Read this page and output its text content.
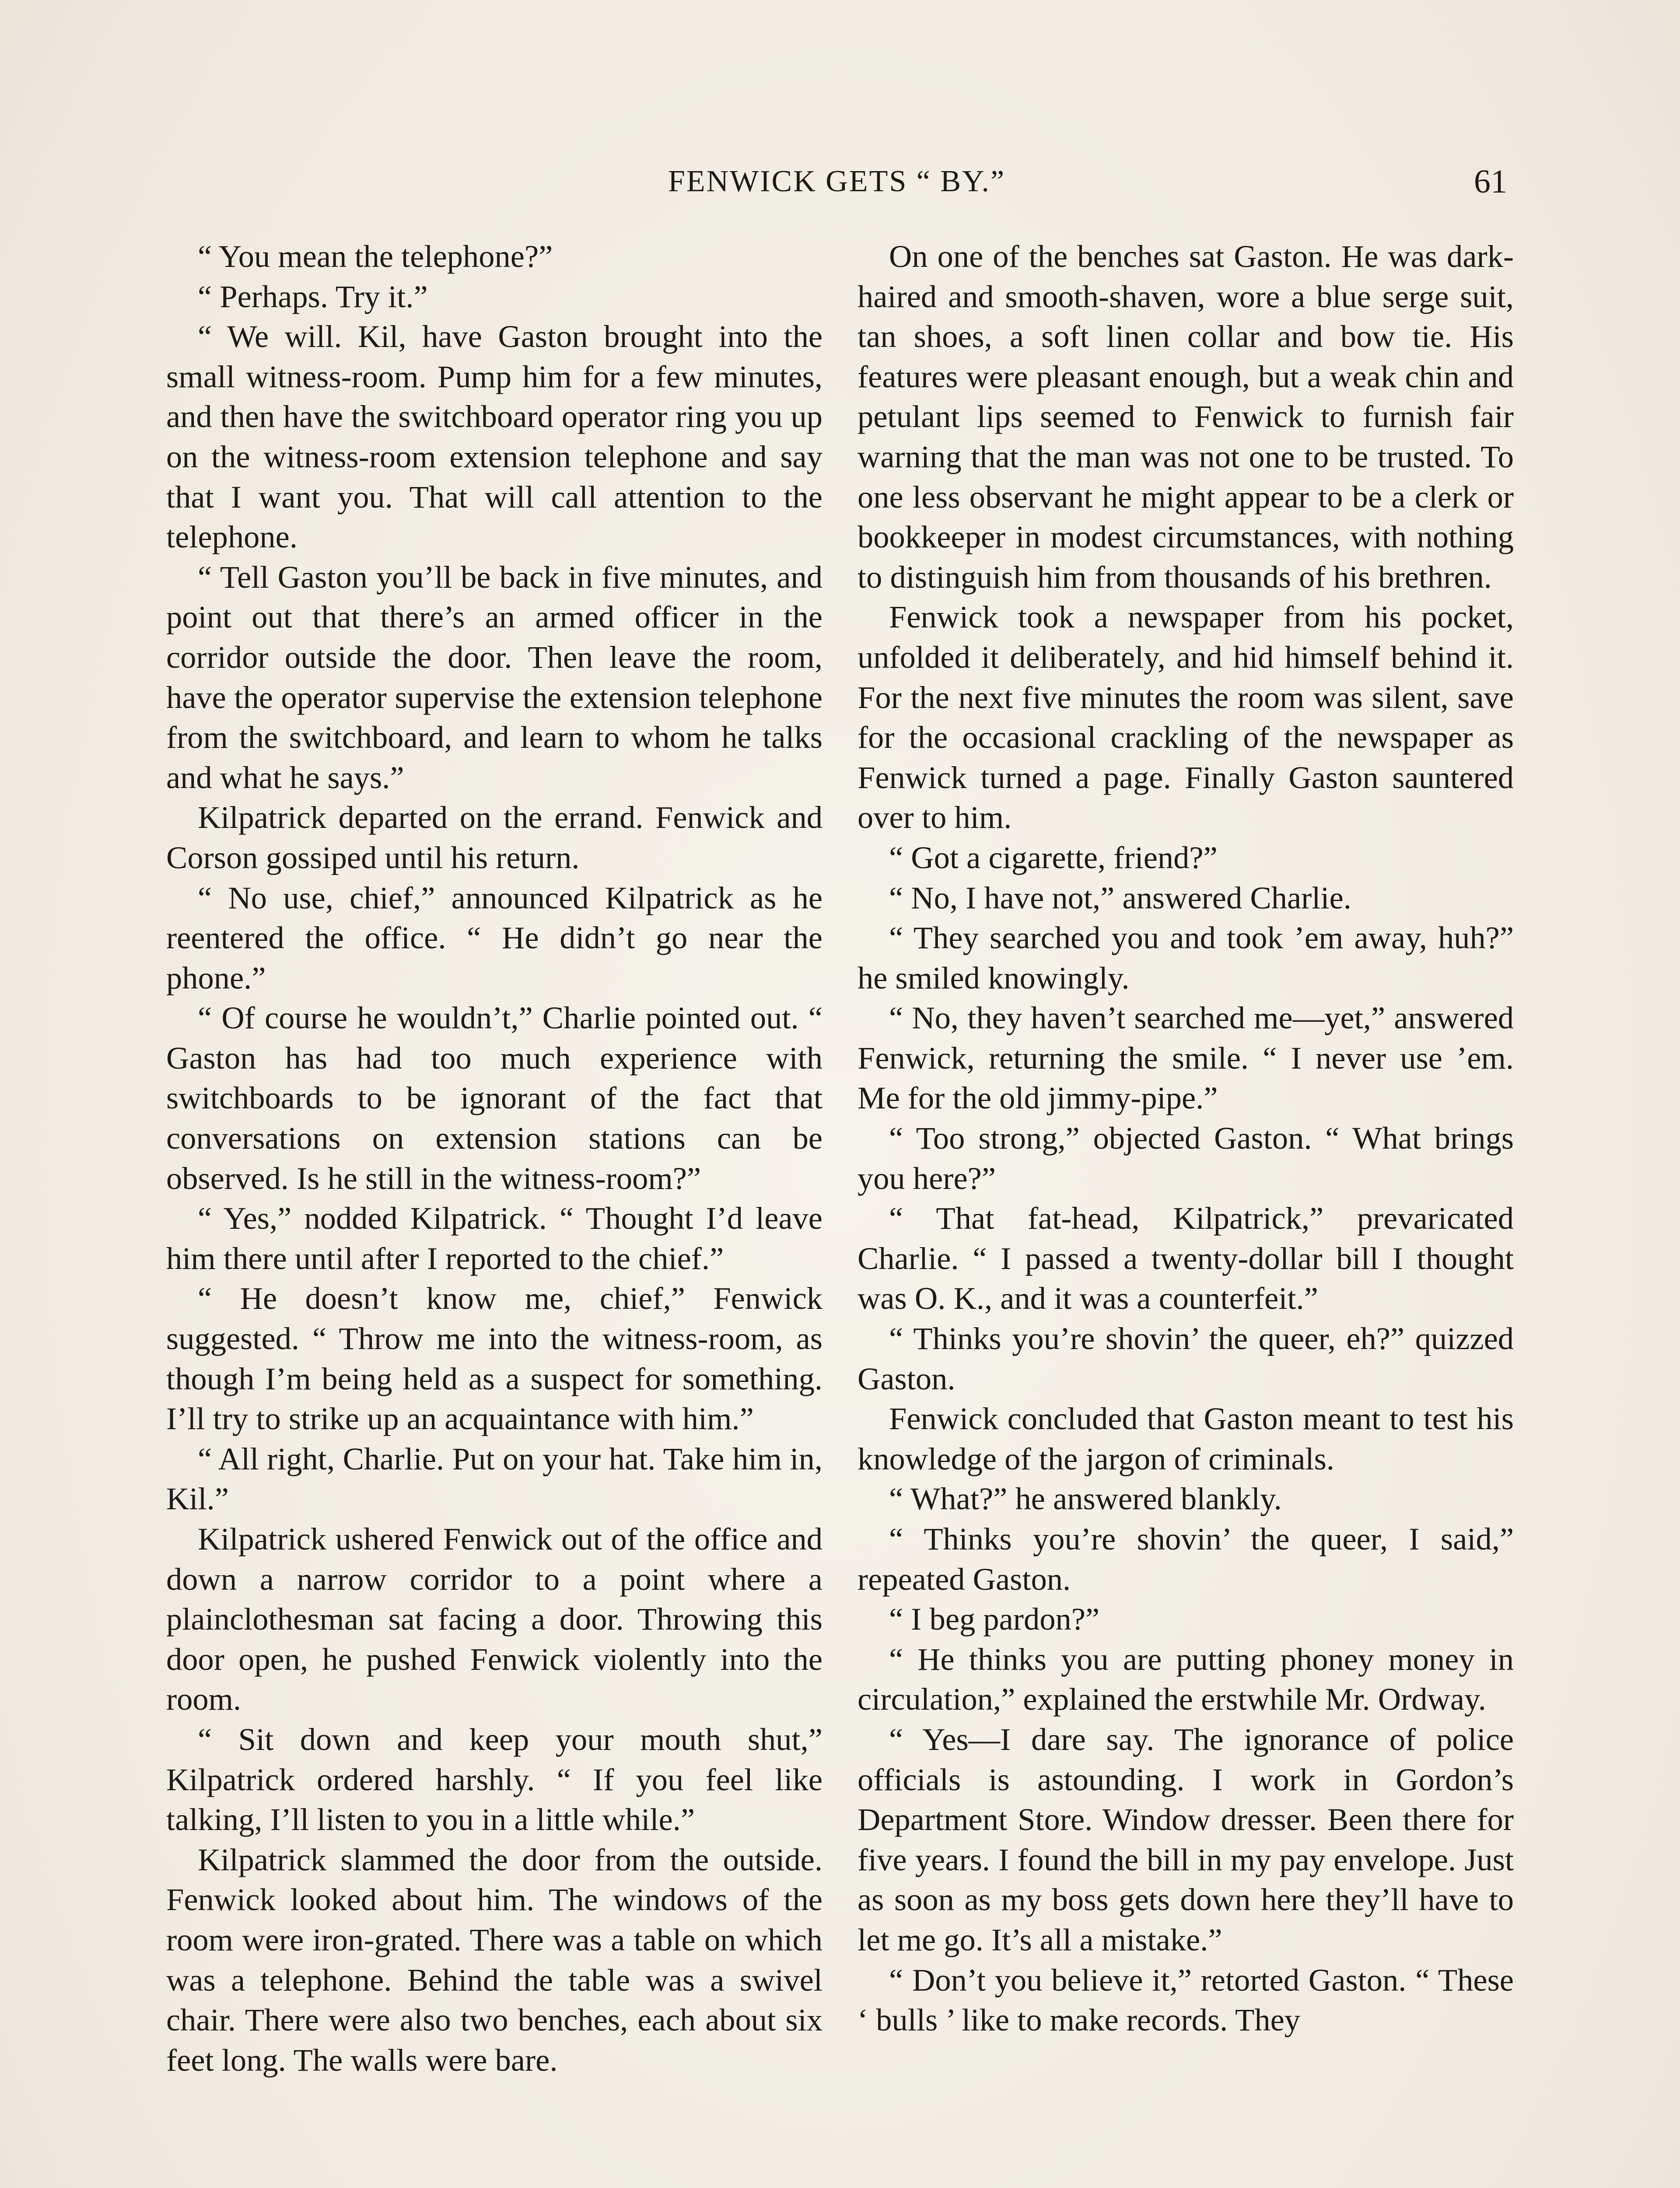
FENWICK GETS “ BY.”	61

“ You mean the telephone?”

“ Perhaps. Try it.”

“ We will. Kil, have Gaston brought into the small witness-room. Pump him for a few minutes, and then have the switchboard operator ring you up on the witness-room extension telephone and say that I want you. That will call attention to the telephone.

“ Tell Gaston you’ll be back in five minutes, and point out that there’s an armed officer in the corridor outside the door. Then leave the room, have the operator supervise the extension telephone from the switchboard, and learn to whom he talks and what he says.”

Kilpatrick departed on the errand. Fenwick and Corson gossiped until his return.

“ No use, chief,” announced Kilpatrick as he reentered the office. “ He didn’t go near the phone.”

“ Of course he wouldn’t,” Charlie pointed out. “ Gaston has had too much experience with switchboards to be ignorant of the fact that conversations on extension stations can be observed. Is he still in the witness-room?”

“ Yes,” nodded Kilpatrick. “ Thought I’d leave him there until after I reported to the chief.”

“ He doesn’t know me, chief,” Fenwick suggested. “ Throw me into the witness-room, as though I’m being held as a suspect for something. I’ll try to strike up an acquaintance with him.”

“ All right, Charlie. Put on your hat. Take him in, Kil.”

Kilpatrick ushered Fenwick out of the office and down a narrow corridor to a point where a plainclothesman sat facing a door. Throwing this door open, he pushed Fenwick violently into the room.

“ Sit down and keep your mouth shut,” Kilpatrick ordered harshly. “ If you feel like talking, I’ll listen to you in a little while.”

Kilpatrick slammed the door from the outside. Fenwick looked about him. The windows of the room were iron-grated. There was a table on which was a telephone. Behind the table was a swivel chair. There were also two benches, each about six feet long. The walls were bare.

On one of the benches sat Gaston. He was dark-haired and smooth-shaven, wore a blue serge suit, tan shoes, a soft linen collar and bow tie. His features were pleasant enough, but a weak chin and petulant lips seemed to Fenwick to furnish fair warning that the man was not one to be trusted. To one less observant he might appear to be a clerk or bookkeeper in modest circumstances, with nothing to distinguish him from thousands of his brethren.

Fenwick took a newspaper from his pocket, unfolded it deliberately, and hid himself behind it. For the next five minutes the room was silent, save for the occasional crackling of the newspaper as Fenwick turned a page. Finally Gaston sauntered over to him.

“ Got a cigarette, friend?”

“ No, I have not,” answered Charlie.

“ They searched you and took ’em away, huh?” he smiled knowingly.

“ No, they haven’t searched me—yet,” answered Fenwick, returning the smile. “ I never use ’em. Me for the old jimmy-pipe.”

“ Too strong,” objected Gaston. “ What brings you here?”

“ That fat-head, Kilpatrick,” prevaricated Charlie. “ I passed a twenty-dollar bill I thought was O. K., and it was a counterfeit.”

“ Thinks you’re shovin’ the queer, eh?” quizzed Gaston.

Fenwick concluded that Gaston meant to test his knowledge of the jargon of criminals.

“ What?” he answered blankly.

“ Thinks you’re shovin’ the queer, I said,” repeated Gaston.

“ I beg pardon?”

“ He thinks you are putting phoney money in circulation,” explained the erstwhile Mr. Ordway.

“ Yes—I dare say. The ignorance of police officials is astounding. I work in Gordon’s Department Store. Window dresser. Been there for five years. I found the bill in my pay envelope. Just as soon as my boss gets down here they’ll have to let me go. It’s all a mistake.”

“ Don’t you believe it,” retorted Gaston. “ These ‘ bulls ’ like to make records. They
